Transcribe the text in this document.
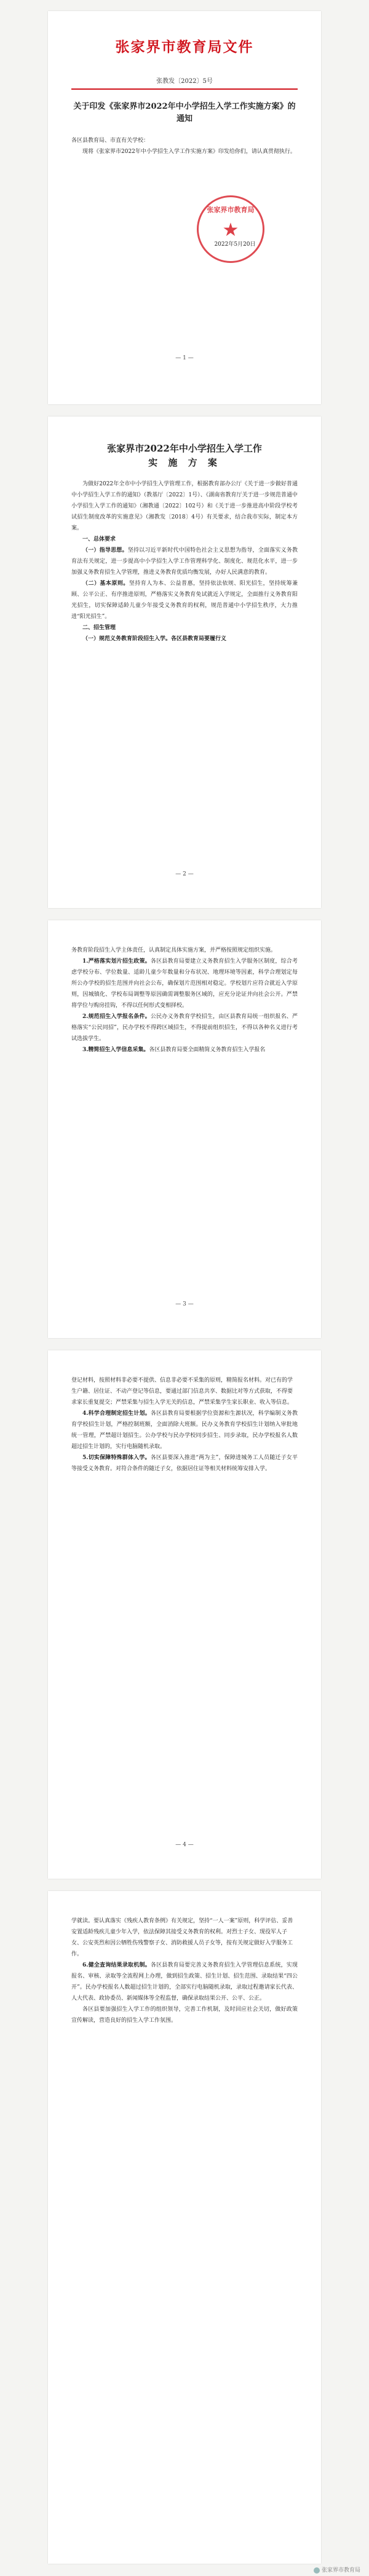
张家界市教育局文件
张教发〔2022〕5号
关于印发《张家界市2022年中小学招生入学工作实施方案》的通知

各区县教育局、市直有关学校：

现将《张家界市2022年中小学招生入学工作实施方案》印发给你们，请认真贯彻执行。

张家界市教育局
★
2022年5月20日
— 1 —
张家界市2022年中小学招生入学工作
实 施 方 案

为做好2022年全市中小学招生入学管理工作，根据教育部办公厅《关于进一步做好普通中小学招生入学工作的通知》（教基厅〔2022〕1号）、《湖南省教育厅关于进一步规范普通中小学招生入学工作的通知》（湘教通〔2022〕102号）和《关于进一步推进高中阶段学校考试招生制度改革的实施意见》（湘教发〔2018〕4号）有关要求，结合我市实际，制定本方案。

一、总体要求

（一）指导思想。坚持以习近平新时代中国特色社会主义思想为指导，全面落实义务教育法有关规定，进一步提高中小学招生入学工作管理科学化、制度化、规范化水平，进一步加强义务教育招生入学管理，推进义务教育优质均衡发展，办好人民满意的教育。

（二）基本原则。坚持育人为本、公益普惠，坚持依法依规、阳光招生，坚持统筹兼顾、公平公正、有序推进原则，严格落实义务教育免试就近入学规定，全面推行义务教育阳光招生，切实保障适龄儿童少年接受义务教育的权利，规范普通中小学招生秩序，大力推进“阳光招生”。

二、招生管理

（一）规范义务教育阶段招生入学。各区县教育局要履行义

— 2 —

务教育阶段招生入学主体责任，认真制定具体实施方案，并严格按照规定组织实施。

1.严格落实划片招生政策。各区县教育局要建立义务教育招生入学服务区制度，综合考虑学校分布、学位数量、适龄儿童少年数量和分布状况、地理环境等因素，科学合理划定每所公办学校的招生范围并向社会公布，确保划片范围相对稳定。学校划片应符合就近入学原则，因城镇化、学校布局调整等原因确需调整服务区域的，应充分论证并向社会公开。严禁将学位与购房挂钩，不得以任何形式变相择校。

2.规范招生入学报名条件。公民办义务教育学校招生，由区县教育局统一组织报名、严格落实“公民同招”，民办学校不得跨区域招生，不得提前组织招生，不得以各种名义进行考试选拔学生。

3.精简招生入学信息采集。各区县教育局要全面精简义务教育招生入学报名

— 3 —

登记材料，按照材料非必要不提供、信息非必要不采集的原则，精简报名材料。对已有的学生户籍、居住证、不动产登记等信息，要通过部门信息共享、数据比对等方式获取，不得要求家长重复提交；严禁采集与招生入学无关的信息，严禁采集学生家长职业、收入等信息。

4.科学合理制定招生计划。各区县教育局要根据学位资源和生源状况，科学编制义务教育学校招生计划，严格控制班额，全面消除大班额。民办义务教育学校招生计划纳入审批地统一管理，严禁超计划招生。公办学校与民办学校同步招生、同步录取，民办学校报名人数超过招生计划的，实行电脑随机录取。

5.切实保障特殊群体入学。各区县要深入推进“两为主”，保障进城务工人员随迁子女平等接受义务教育。对符合条件的随迁子女，依据居住证等相关材料统筹安排入学。

— 4 —

学就读。要认真落实《残疾人教育条例》有关规定，坚持“一人一案”原则，科学评估、妥善安置适龄残疾儿童少年入学，依法保障其接受义务教育的权利。对烈士子女、现役军人子女、公安英烈和因公牺牲伤残警察子女、消防救援人员子女等，按有关规定做好入学服务工作。

6.健全查询结果录取机制。各区县教育局要完善义务教育招生入学管理信息系统，实现报名、审核、录取等全流程网上办理，做到招生政策、招生计划、招生范围、录取结果“四公开”。民办学校报名人数超过招生计划的，全部实行电脑随机录取，录取过程邀请家长代表、人大代表、政协委员、新闻媒体等全程监督，确保录取结果公开、公平、公正。

各区县要加强招生入学工作的组织领导，完善工作机制，及时回应社会关切，做好政策宣传解读，营造良好的招生入学工作氛围。

张家界市教育局
